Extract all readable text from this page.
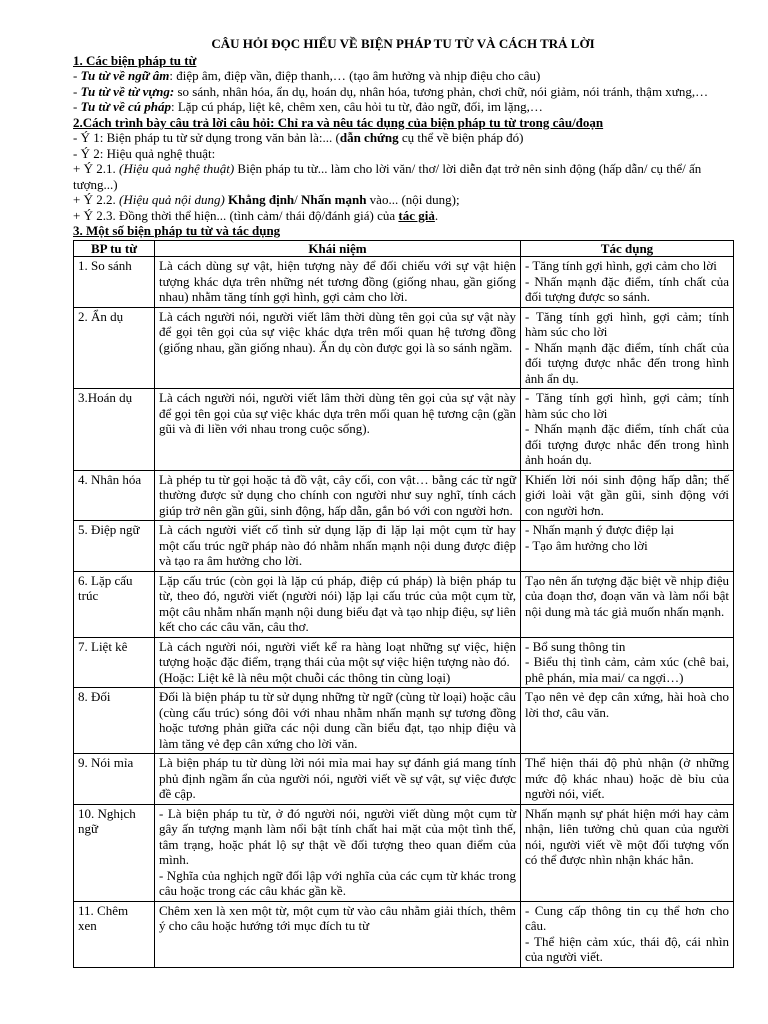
CÂU HỎI ĐỌC HIỂU VỀ BIỆN PHÁP TU TỪ VÀ CÁCH TRẢ LỜI
1. Các biện pháp tu từ
- Tu từ về ngữ âm: điệp âm, điệp vần, điệp thanh,… (tạo âm hưởng và nhịp điệu cho câu)
- Tu từ về từ vựng: so sánh, nhân hóa, ẩn dụ, hoán dụ, nhân hóa, tương phản, chơi chữ, nói giảm, nói tránh, thậm xưng,…
- Tu từ về cú pháp: Lặp cú pháp, liệt kê, chêm xen, câu hỏi tu từ, đảo ngữ, đối, im lặng,…
2.Cách trình bày câu trả lời câu hỏi: Chỉ ra và nêu tác dụng của biện pháp tu từ trong câu/đoạn
- Ý 1: Biện pháp tu từ sử dụng trong văn bản là:... (dẫn chứng cụ thể về biện pháp đó)
- Ý 2: Hiệu quả nghệ thuật:
+ Ý 2.1. (Hiệu quả nghệ thuật) Biện pháp tu từ... làm cho lời văn/ thơ/ lời diễn đạt trở nên sinh động (hấp dẫn/ cụ thể/ ấn tượng...)
+ Ý 2.2. (Hiệu quả nội dung) Khẳng định/ Nhấn mạnh vào... (nội dung);
+ Ý 2.3. Đồng thời thể hiện... (tình cảm/ thái độ/đánh giá) của tác giả.
3. Một số biện pháp tu từ và tác dụng
BP tu từ	Khái niệm	Tác dụng
1. So sánh	Là cách dùng sự vật, hiện tượng này để đối chiếu với sự vật hiện tượng khác dựa trên những nét tương đồng (giống nhau, gần giống nhau) nhằm tăng tính gợi hình, gợi cảm cho lời.	- Tăng tính gợi hình, gợi cảm cho lời
- Nhấn mạnh đặc điểm, tính chất của đối tượng được so sánh.

2. Ẩn dụ	Là cách người nói, người viết lâm thời dùng tên gọi của sự vật này để gọi tên gọi của sự việc khác dựa trên mối quan hệ tương đồng (giống nhau, gần giống nhau). Ẩn dụ còn được gọi là so sánh ngầm.	- Tăng tính gợi hình, gợi cảm; tính hàm súc cho lời
- Nhấn mạnh đặc điểm, tính chất của đối tượng được nhắc đến trong hình ảnh ẩn dụ.

3.Hoán dụ	Là cách người nói, người viết lâm thời dùng tên gọi của sự vật này để gọi tên gọi của sự việc khác dựa trên mối quan hệ tương cận (gần gũi và đi liền với nhau trong cuộc sống).	- Tăng tính gợi hình, gợi cảm; tính hàm súc cho lời
- Nhấn mạnh đặc điểm, tính chất của đối tượng được nhắc đến trong hình ảnh hoán dụ.

4. Nhân hóa	Là phép tu từ gọi hoặc tả đồ vật, cây cối, con vật… bằng các từ ngữ thường được sử dụng cho chính con người như suy nghĩ, tính cách giúp trở nên gần gũi, sinh động, hấp dẫn, gắn bó với con người hơn.	Khiến lời nói sinh động hấp dẫn; thế giới loài vật gần gũi, sinh động với con người hơn.

5. Điệp ngữ	Là cách người viết cố tình sử dụng lặp đi lặp lại một cụm từ hay một cấu trúc ngữ pháp nào đó nhằm nhấn mạnh nội dung được điệp và tạo ra âm hưởng cho lời.	- Nhấn mạnh ý được điệp lại
- Tạo âm hưởng cho lời

6. Lặp cấu trúc	Lặp cấu trúc (còn gọi là lặp cú pháp, điệp cú pháp) là biện pháp tu từ, theo đó, người viết (người nói) lặp lại cấu trúc của một cụm từ, một câu nhằm nhấn mạnh nội dung biểu đạt và tạo nhịp điệu, sự liên kết cho các câu văn, câu thơ.	Tạo nên ấn tượng đặc biệt về nhịp điệu của đoạn thơ, đoạn văn và làm nổi bật nội dung mà tác giả muốn nhấn mạnh.

7. Liệt kê	Là cách người nói, người viết kể ra hàng loạt những sự việc, hiện tượng hoặc đặc điểm, trạng thái của một sự việc hiện tượng nào đó.
(Hoặc: Liệt kê là nêu một chuỗi các thông tin cùng loại)	- Bổ sung thông tin
- Biểu thị tình cảm, cảm xúc (chê bai, phê phán, mỉa mai/ ca ngợi…)

8. Đối	Đối là biện pháp tu từ sử dụng những từ ngữ (cùng từ loại) hoặc câu (cùng cấu trúc) sóng đôi với nhau nhằm nhấn mạnh sự tương đồng hoặc tương phản giữa các nội dung cần biểu đạt, tạo nhịp điệu và làm tăng vẻ đẹp cân xứng cho lời văn.	Tạo nên vẻ đẹp cân xứng, hài hoà cho lời thơ, câu văn.

9. Nói mỉa	Là biện pháp tu từ dùng lời nói mỉa mai hay sự đánh giá mang tính phủ định ngầm ẩn của người nói, người viết về sự vật, sự việc được đề cập.	Thể hiện thái độ phủ nhận (ở những mức độ khác nhau) hoặc dè bỉu của người nói, viết.

10. Nghịch ngữ	- Là biện pháp tu từ, ở đó người nói, người viết dùng một cụm từ gây ấn tượng mạnh làm nổi bật tính chất hai mặt của một tình thế, tâm trạng, hoặc phát lộ sự thật về đối tượng theo quan điểm của mình.
- Nghĩa của nghịch ngữ đối lập với nghĩa của các cụm từ khác trong câu hoặc trong các câu khác gần kề.	Nhấn mạnh sự phát hiện mới hay cảm nhận, liên tưởng chủ quan của người nói, người viết về một đối tượng vốn có thể được nhìn nhận khác hẳn.

11. Chêm xen	Chêm xen là xen một từ, một cụm từ vào câu nhằm giải thích, thêm ý cho câu hoặc hướng tới mục đích tu từ	- Cung cấp thông tin cụ thể hơn cho câu.
- Thể hiện cảm xúc, thái độ, cái nhìn của người viết.
